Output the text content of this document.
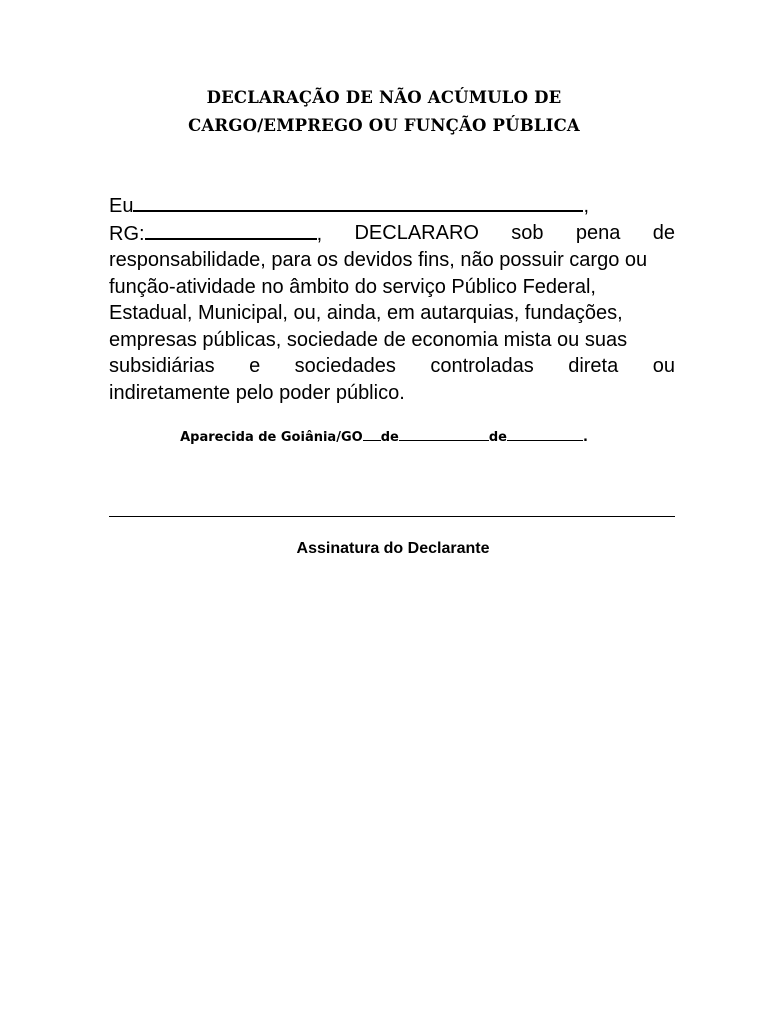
DECLARAÇÃO DE NÃO ACÚMULO DE
CARGO/EMPREGO OU FUNÇÃO PÚBLICA
Eu	,
RG:	, DECLARARO sob pena de
responsabilidade, para os devidos fins, não possuir cargo ou
função-atividade no âmbito do serviço Público Federal,
Estadual, Municipal, ou, ainda, em autarquias, fundações,
empresas públicas, sociedade de economia mista ou suas
subsidiárias e sociedades controladas direta ou
indiretamente pelo poder público.
Aparecida de Goiânia/GO de	de	.
Assinatura do Declarante
